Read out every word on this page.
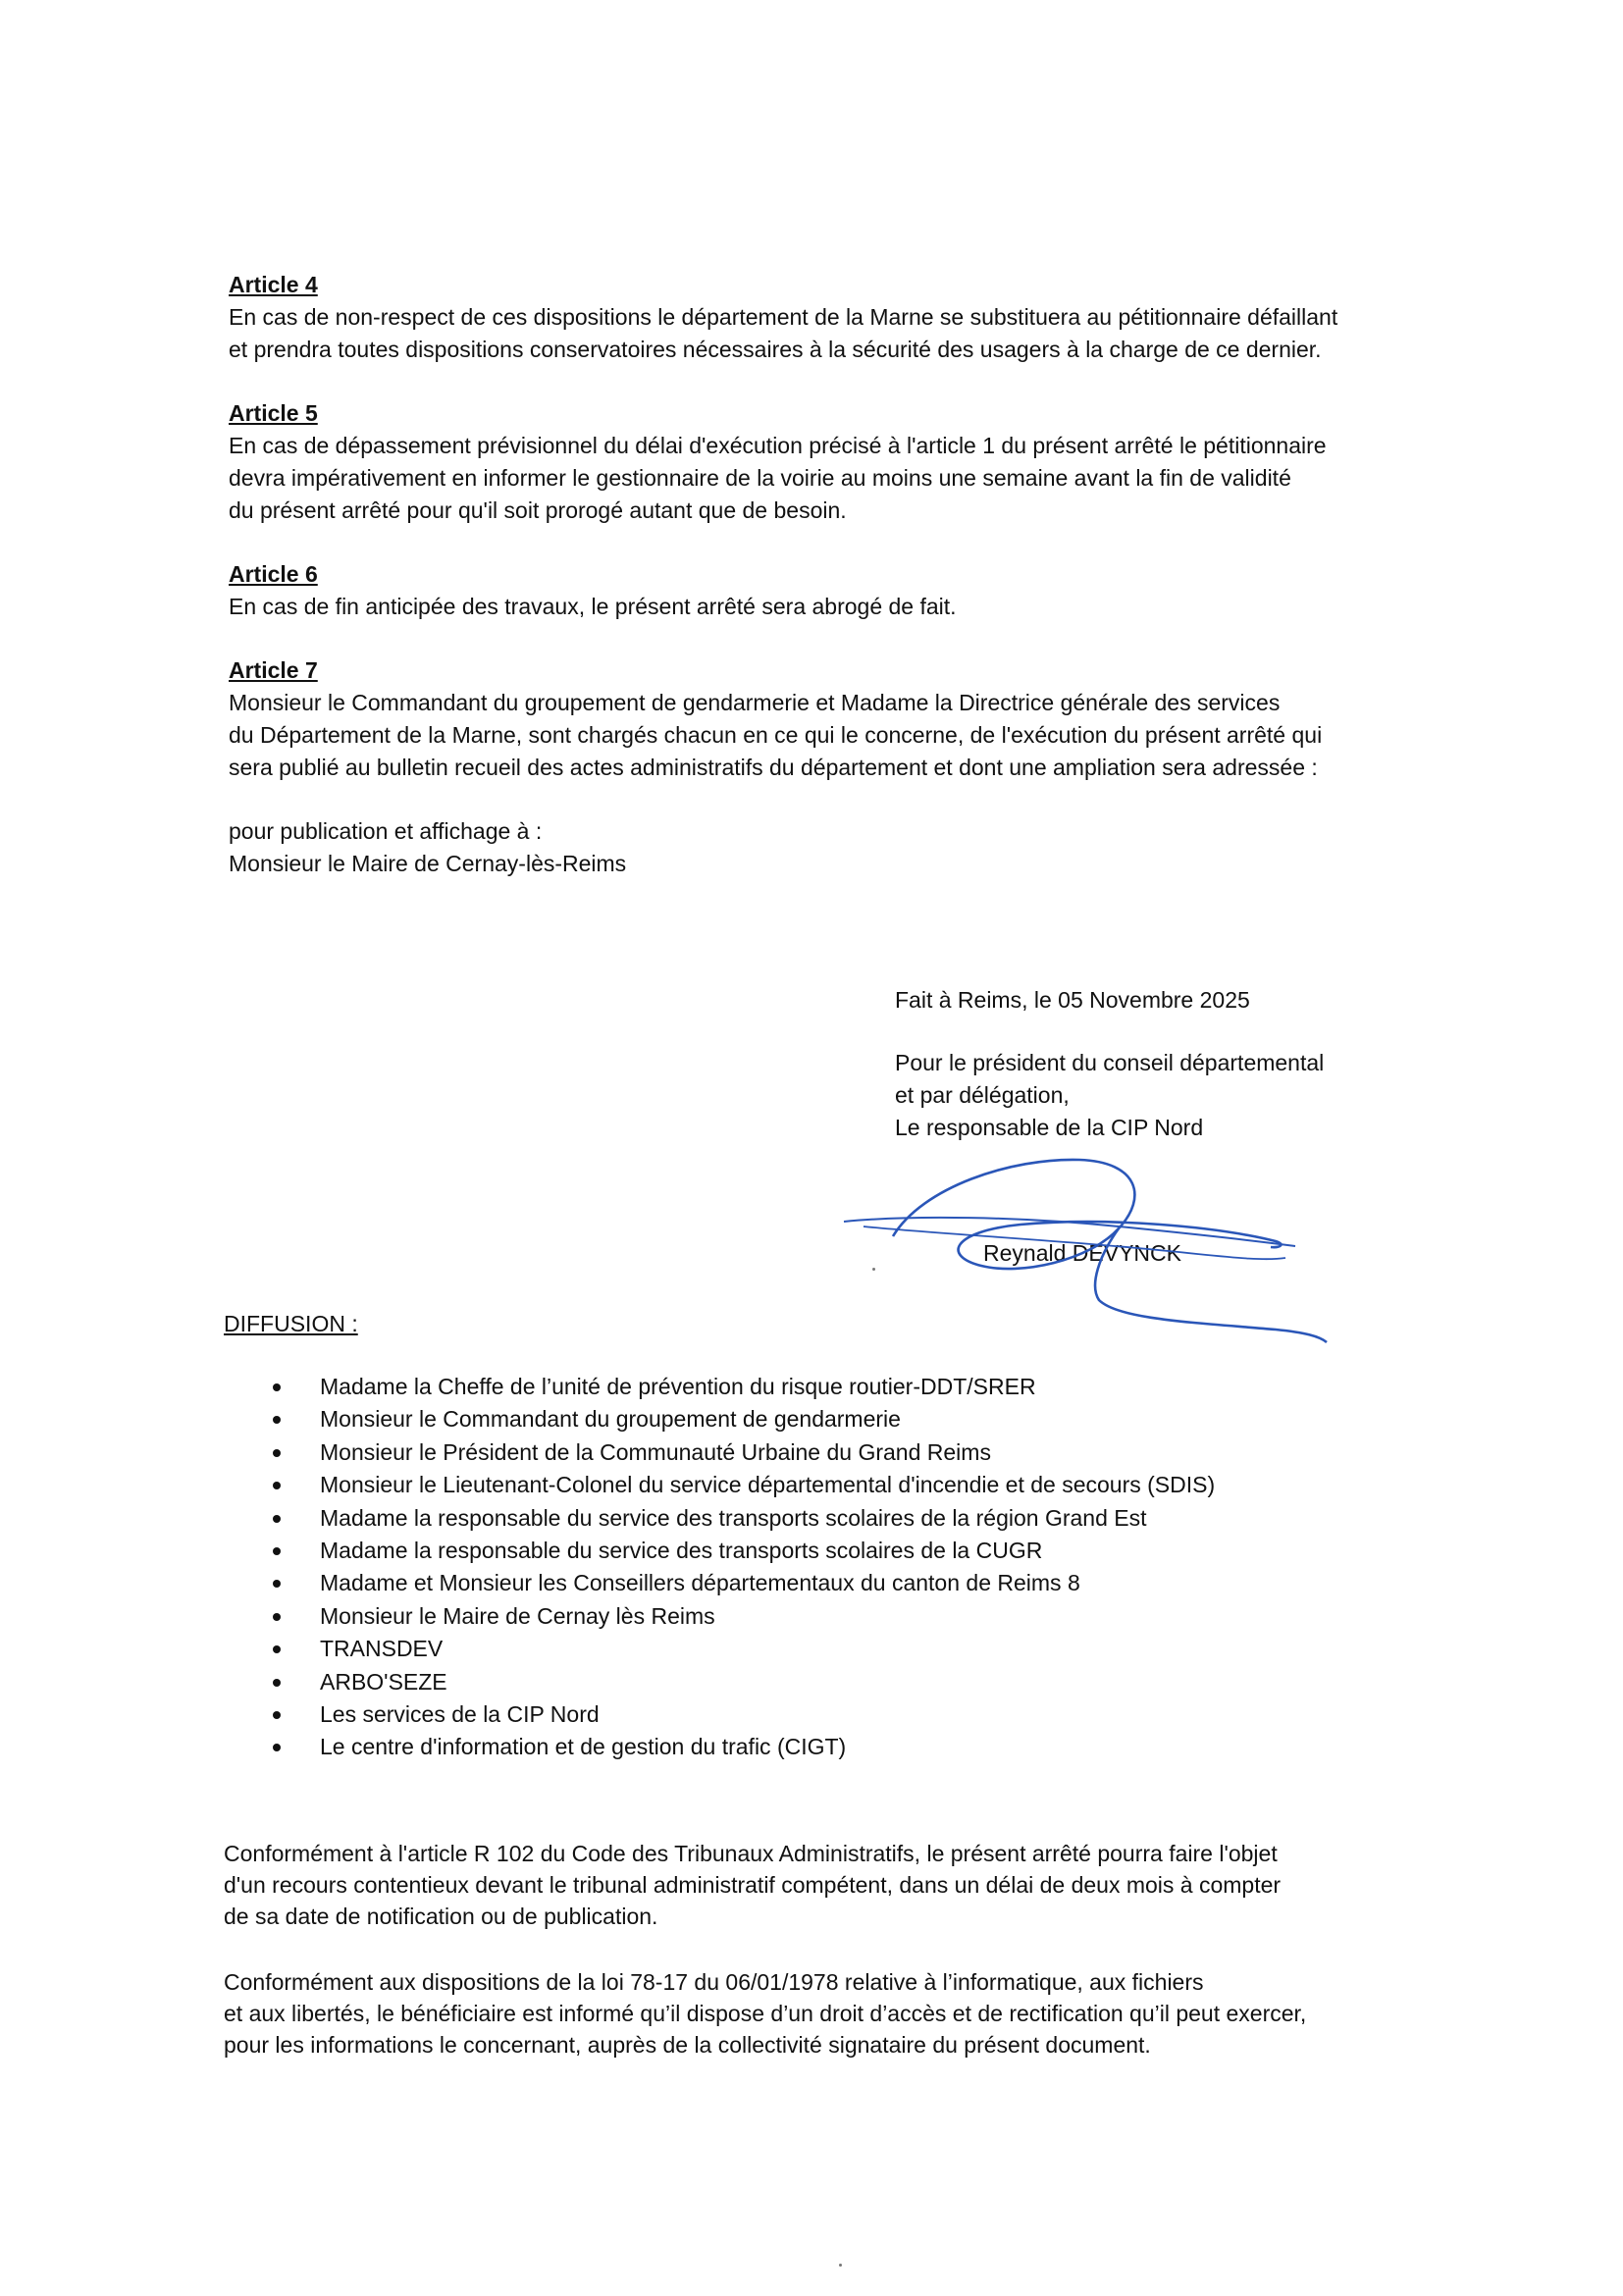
Article 4
En cas de non-respect de ces dispositions le département de la Marne se substituera au pétitionnaire défaillant
et prendra toutes dispositions conservatoires nécessaires à la sécurité des usagers à la charge de ce dernier.
Article 5
En cas de dépassement prévisionnel du délai d'exécution précisé à l'article 1 du présent arrêté le pétitionnaire
devra impérativement en informer le gestionnaire de la voirie au moins une semaine avant la fin de validité
du présent arrêté pour qu'il soit prorogé autant que de besoin.
Article 6
En cas de fin anticipée des travaux, le présent arrêté sera abrogé de fait.
Article 7
Monsieur le Commandant du groupement de gendarmerie et Madame la Directrice générale des services
du Département de la Marne, sont chargés chacun en ce qui le concerne, de l'exécution du présent arrêté qui
sera publié au bulletin recueil des actes administratifs du département et dont une ampliation sera adressée :
pour publication et affichage à :
Monsieur le Maire de Cernay-lès-Reims
Fait à Reims, le 05 Novembre 2025
Pour le président du conseil départemental
et par délégation,
Le responsable de la CIP Nord
Reynald DEVYNCK
DIFFUSION :
Madame la Cheffe de l’unité de prévention du risque routier-DDT/SRER
Monsieur le Commandant du groupement de gendarmerie
Monsieur le Président de la Communauté Urbaine du Grand Reims
Monsieur le Lieutenant-Colonel du service départemental d'incendie et de secours (SDIS)
Madame la responsable du service des transports scolaires de la région Grand Est
Madame la responsable du service des transports scolaires de la CUGR
Madame et Monsieur les Conseillers départementaux du canton de Reims 8
Monsieur le Maire de Cernay lès Reims
TRANSDEV
ARBO'SEZE
Les services de la CIP Nord
Le centre d'information et de gestion du trafic (CIGT)
Conformément à l'article R 102 du Code des Tribunaux Administratifs, le présent arrêté pourra faire l'objet
d'un recours contentieux devant le tribunal administratif compétent, dans un délai de deux mois à compter
de sa date de notification ou de publication.
Conformément aux dispositions de la loi 78-17 du 06/01/1978 relative à l’informatique, aux fichiers
et aux libertés, le bénéficiaire est informé qu’il dispose d’un droit d’accès et de rectification qu’il peut exercer,
pour les informations le concernant, auprès de la collectivité signataire du présent document.
